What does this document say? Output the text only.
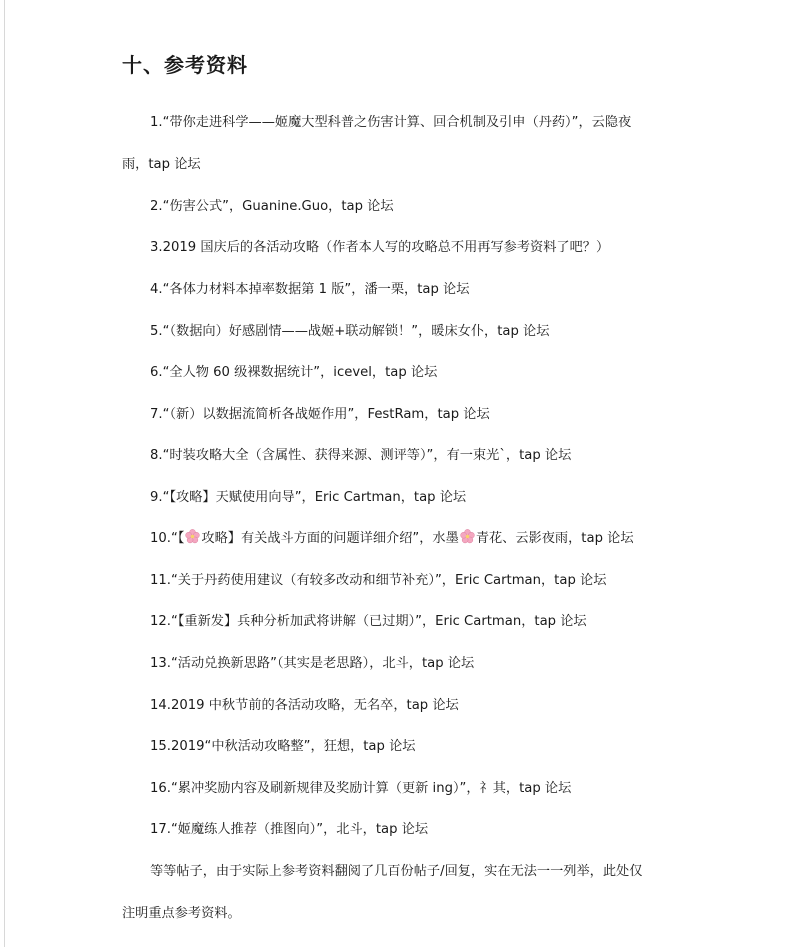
十、参考资料
1.“带你走进科学——姬魔大型科普之伤害计算、回合机制及引申（丹药）”，云隐夜
雨，tap 论坛
2.“伤害公式”，Guanine.Guo，tap 论坛
3.2019 国庆后的各活动攻略（作者本人写的攻略总不用再写参考资料了吧？）
4.“各体力材料本掉率数据第 1 版”，潘一栗，tap 论坛
5.“（数据向）好感剧情——战姬+联动解锁！”，暖床女仆，tap 论坛
6.“全人物 60 级裸数据统计”，icevel，tap 论坛
7.“（新）以数据流简析各战姬作用”，FestRam，tap 论坛
8.“时装攻略大全（含属性、获得来源、测评等）”，有一束光`，tap 论坛
9.“【攻略】天赋使用向导”，Eric Cartman，tap 论坛
10.“【 攻略】有关战斗方面的问题详细介绍”，水墨 青花、云影夜雨，tap 论坛
11.“关于丹药使用建议（有较多改动和细节补充）”，Eric Cartman，tap 论坛
12.“【重新发】兵种分析加武将讲解（已过期）”，Eric Cartman，tap 论坛
13.“活动兑换新思路”（其实是老思路），北斗，tap 论坛
14.2019 中秋节前的各活动攻略，无名卒，tap 论坛
15.2019“中秋活动攻略整”，狂想，tap 论坛
16.“累冲奖励内容及刷新规律及奖励计算（更新 ing）”，礻其，tap 论坛
17.“姬魔练人推荐（推图向）”，北斗，tap 论坛
等等帖子，由于实际上参考资料翻阅了几百份帖子/回复，实在无法一一列举，此处仅
注明重点参考资料。
